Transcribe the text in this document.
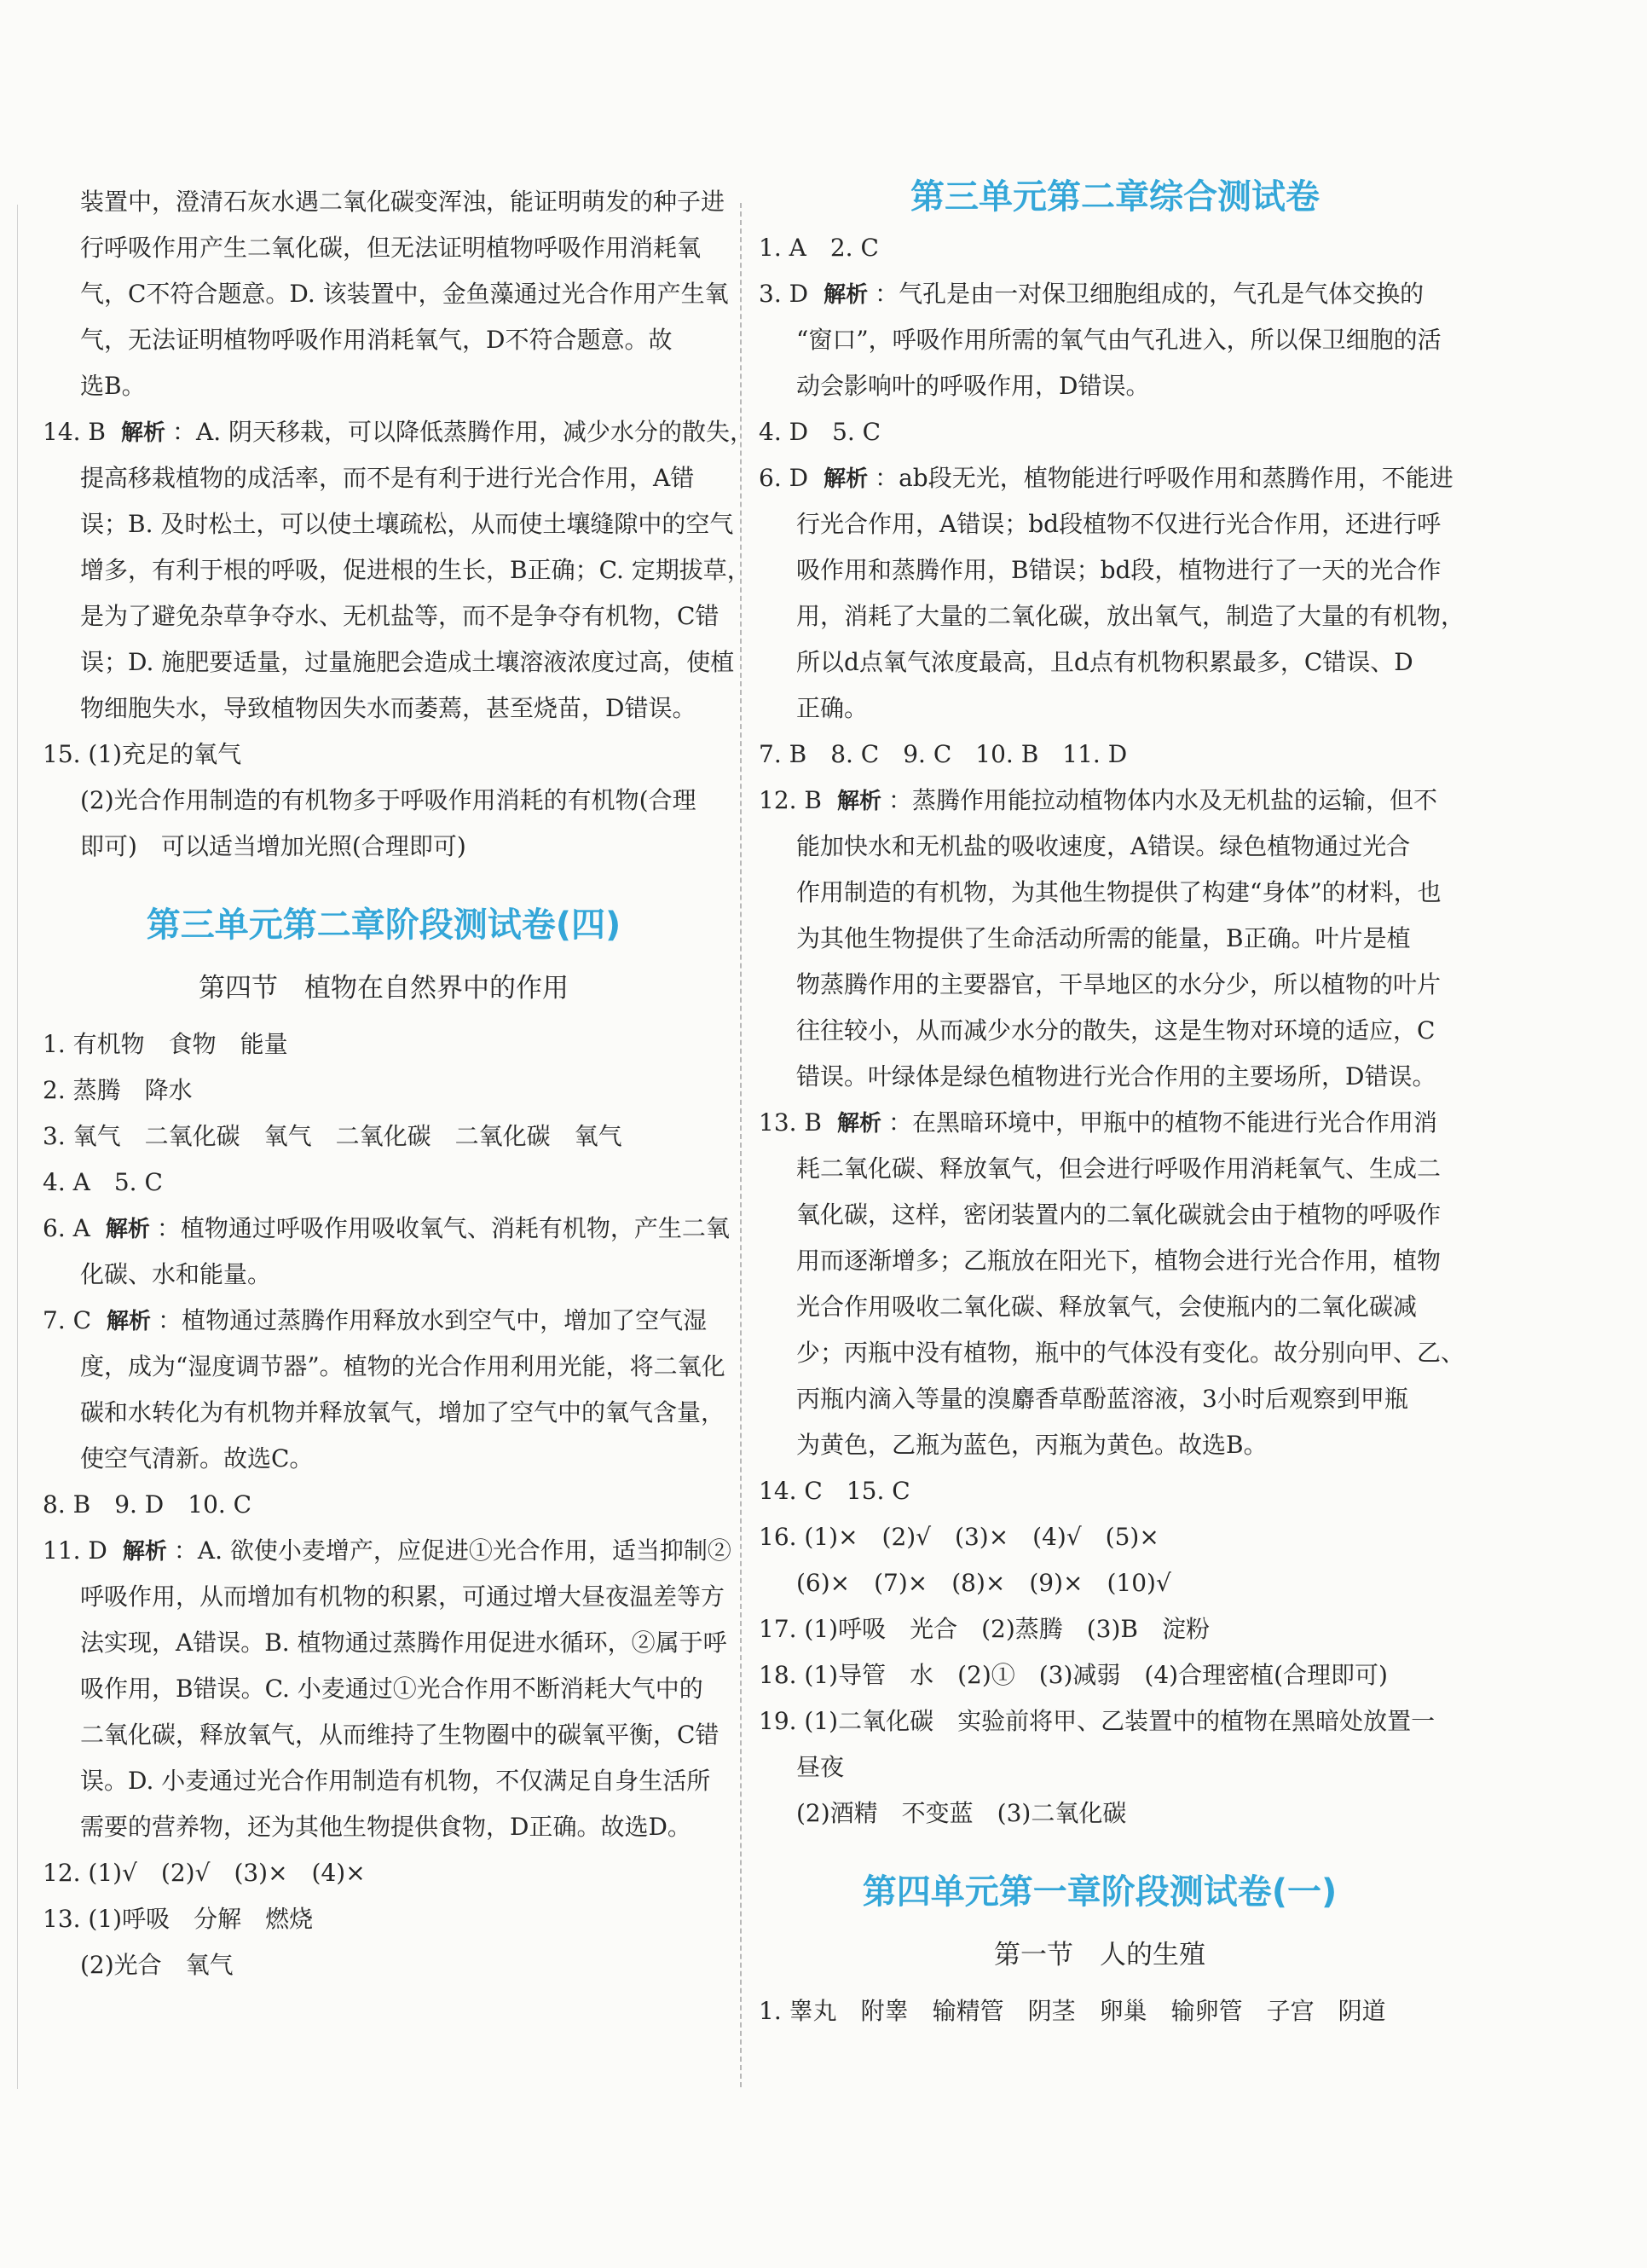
装置中，澄清石灰水遇二氧化碳变浑浊，能证明萌发的种子进
行呼吸作用产生二氧化碳，但无法证明植物呼吸作用消耗氧
气，C不符合题意。D. 该装置中，金鱼藻通过光合作用产生氧
气，无法证明植物呼吸作用消耗氧气，D不符合题意。故
选B。
14. B 解析 ：A. 阴天移栽，可以降低蒸腾作用，减少水分的散失，
提高移栽植物的成活率，而不是有利于进行光合作用，A错
误；B. 及时松土，可以使土壤疏松，从而使土壤缝隙中的空气
增多，有利于根的呼吸，促进根的生长，B正确；C. 定期拔草，
是为了避免杂草争夺水、无机盐等，而不是争夺有机物，C错
误；D. 施肥要适量，过量施肥会造成土壤溶液浓度过高，使植
物细胞失水，导致植物因失水而萎蔫，甚至烧苗，D错误。
15. (1)充足的氧气
(2)光合作用制造的有机物多于呼吸作用消耗的有机物(合理
即可)　可以适当增加光照(合理即可)
第三单元第二章阶段测试卷(四)
第四节　植物在自然界中的作用
1. 有机物　食物　能量
2. 蒸腾　降水
3. 氧气　二氧化碳　氧气　二氧化碳　二氧化碳　氧气
4. A　5. C
6. A 解析 ：植物通过呼吸作用吸收氧气、消耗有机物，产生二氧
化碳、水和能量。
7. C 解析 ：植物通过蒸腾作用释放水到空气中，增加了空气湿
度，成为“湿度调节器”。植物的光合作用利用光能，将二氧化
碳和水转化为有机物并释放氧气，增加了空气中的氧气含量，
使空气清新。故选C。
8. B　9. D　10. C
11. D 解析 ：A. 欲使小麦增产，应促进①光合作用，适当抑制②
呼吸作用，从而增加有机物的积累，可通过增大昼夜温差等方
法实现，A错误。B. 植物通过蒸腾作用促进水循环，②属于呼
吸作用，B错误。C. 小麦通过①光合作用不断消耗大气中的
二氧化碳，释放氧气，从而维持了生物圈中的碳氧平衡，C错
误。D. 小麦通过光合作用制造有机物，不仅满足自身生活所
需要的营养物，还为其他生物提供食物，D正确。故选D。
12. (1)√　(2)√　(3)×　(4)×
13. (1)呼吸　分解　燃烧
(2)光合　氧气
第三单元第二章综合测试卷
1. A　2. C
3. D 解析 ：气孔是由一对保卫细胞组成的，气孔是气体交换的
“窗口”，呼吸作用所需的氧气由气孔进入，所以保卫细胞的活
动会影响叶的呼吸作用，D错误。
4. D　5. C
6. D 解析 ：ab段无光，植物能进行呼吸作用和蒸腾作用，不能进
行光合作用，A错误；bd段植物不仅进行光合作用，还进行呼
吸作用和蒸腾作用，B错误；bd段，植物进行了一天的光合作
用，消耗了大量的二氧化碳，放出氧气，制造了大量的有机物，
所以d点氧气浓度最高，且d点有机物积累最多，C错误、D
正确。
7. B　8. C　9. C　10. B　11. D
12. B 解析 ：蒸腾作用能拉动植物体内水及无机盐的运输，但不
能加快水和无机盐的吸收速度，A错误。绿色植物通过光合
作用制造的有机物，为其他生物提供了构建“身体”的材料，也
为其他生物提供了生命活动所需的能量，B正确。叶片是植
物蒸腾作用的主要器官，干旱地区的水分少，所以植物的叶片
往往较小，从而减少水分的散失，这是生物对环境的适应，C
错误。叶绿体是绿色植物进行光合作用的主要场所，D错误。
13. B 解析 ：在黑暗环境中，甲瓶中的植物不能进行光合作用消
耗二氧化碳、释放氧气，但会进行呼吸作用消耗氧气、生成二
氧化碳，这样，密闭装置内的二氧化碳就会由于植物的呼吸作
用而逐渐增多；乙瓶放在阳光下，植物会进行光合作用，植物
光合作用吸收二氧化碳、释放氧气，会使瓶内的二氧化碳减
少；丙瓶中没有植物，瓶中的气体没有变化。故分别向甲、乙、
丙瓶内滴入等量的溴麝香草酚蓝溶液，3小时后观察到甲瓶
为黄色，乙瓶为蓝色，丙瓶为黄色。故选B。
14. C　15. C
16. (1)×　(2)√　(3)×　(4)√　(5)×
(6)×　(7)×　(8)×　(9)×　(10)√
17. (1)呼吸　光合　(2)蒸腾　(3)B　淀粉
18. (1)导管　水　(2)①　(3)减弱　(4)合理密植(合理即可)
19. (1)二氧化碳　实验前将甲、乙装置中的植物在黑暗处放置一
昼夜
(2)酒精　不变蓝　(3)二氧化碳
第四单元第一章阶段测试卷(一)
第一节　人的生殖
1. 睾丸　附睾　输精管　阴茎　卵巢　输卵管　子宫　阴道
